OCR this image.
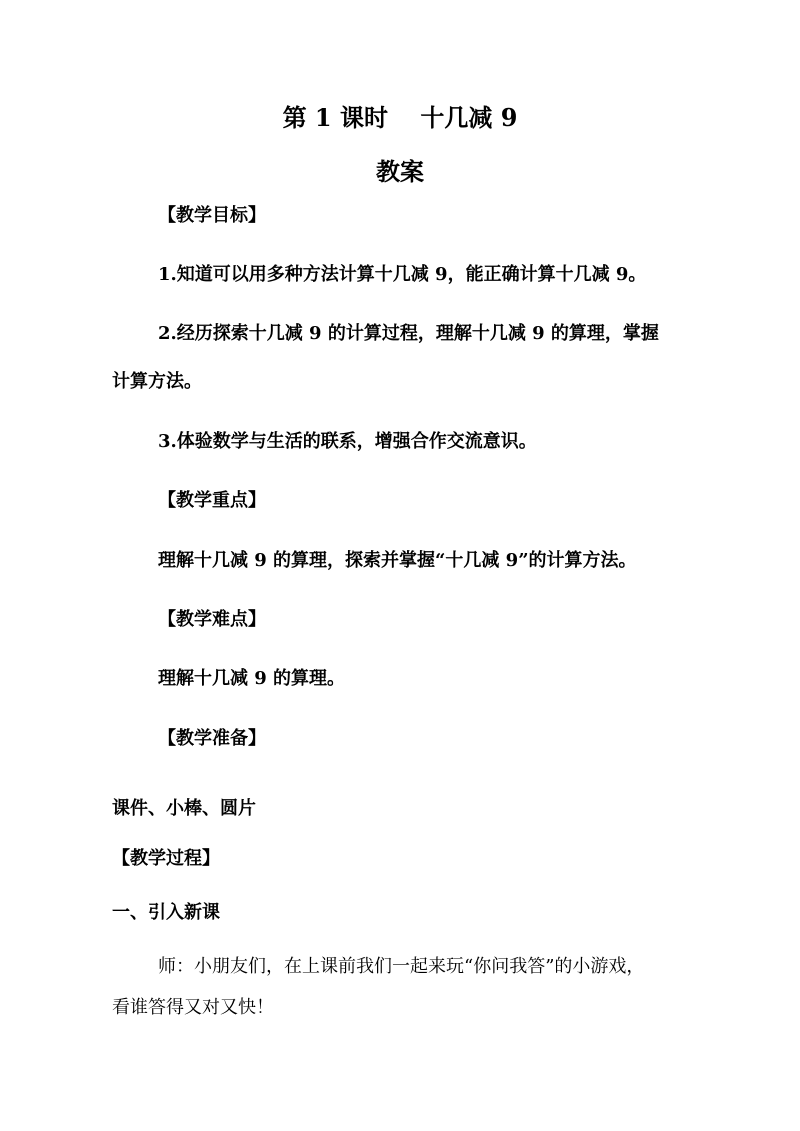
第 1 课时　 十几减 9
教案
【教学目标】
1.知道可以用多种方法计算十几减 9，能正确计算十几减 9。
2.经历探索十几减 9 的计算过程，理解十几减 9 的算理，掌握
计算方法。
3.体验数学与生活的联系，增强合作交流意识。
【教学重点】
理解十几减 9 的算理，探索并掌握“十几减 9”的计算方法。
【教学难点】
理解十几减 9 的算理。
【教学准备】
课件、小棒、圆片
【教学过程】
一、引入新课
师：小朋友们，在上课前我们一起来玩“你问我答”的小游戏，
看谁答得又对又快！
